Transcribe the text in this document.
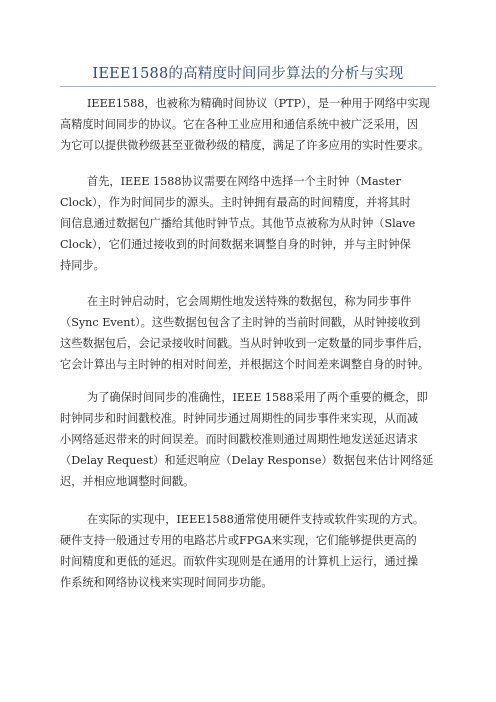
IEEE1588的高精度时间同步算法的分析与实现
IEEE1588，也被称为精确时间协议（PTP），是一种用于网络中实现
高精度时间同步的协议。它在各种工业应用和通信系统中被广泛采用，因
为它可以提供微秒级甚至亚微秒级的精度，满足了许多应用的实时性要求。
首先，IEEE 1588协议需要在网络中选择一个主时钟（Master
Clock），作为时间同步的源头。主时钟拥有最高的时间精度，并将其时
间信息通过数据包广播给其他时钟节点。其他节点被称为从时钟（Slave
Clock），它们通过接收到的时间数据来调整自身的时钟，并与主时钟保
持同步。
在主时钟启动时，它会周期性地发送特殊的数据包，称为同步事件
（Sync Event）。这些数据包包含了主时钟的当前时间戳，从时钟接收到
这些数据包后，会记录接收时间戳。当从时钟收到一定数量的同步事件后，
它会计算出与主时钟的相对时间差，并根据这个时间差来调整自身的时钟。
为了确保时间同步的准确性，IEEE 1588采用了两个重要的概念，即
时钟同步和时间戳校准。时钟同步通过周期性的同步事件来实现，从而减
小网络延迟带来的时间误差。而时间戳校准则通过周期性地发送延迟请求
（Delay Request）和延迟响应（Delay Response）数据包来估计网络延
迟，并相应地调整时间戳。
在实际的实现中，IEEE1588通常使用硬件支持或软件实现的方式。
硬件支持一般通过专用的电路芯片或FPGA来实现，它们能够提供更高的
时间精度和更低的延迟。而软件实现则是在通用的计算机上运行，通过操
作系统和网络协议栈来实现时间同步功能。
